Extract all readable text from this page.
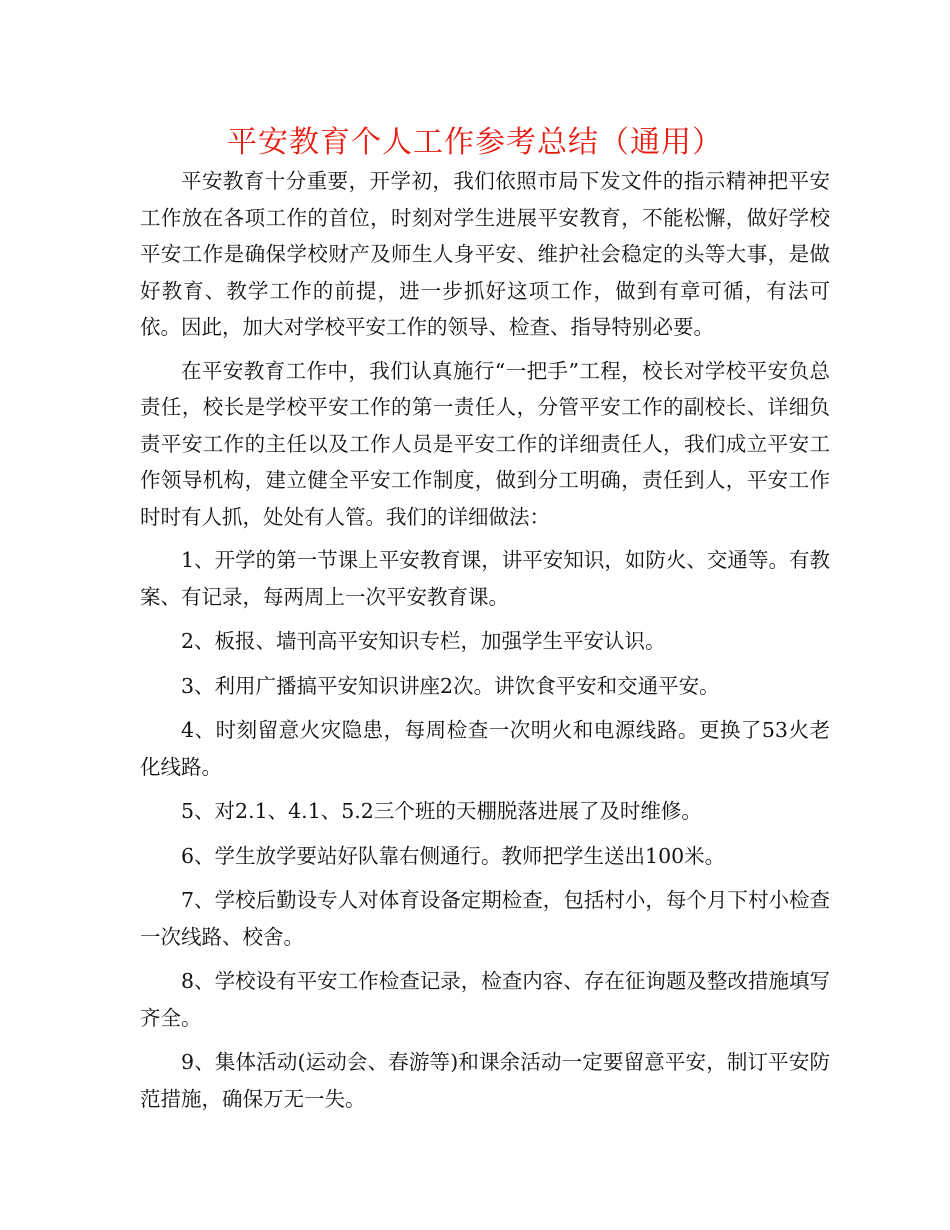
平安教育个人工作参考总结（通用）

平安教育十分重要，开学初，我们依照市局下发文件的指示精神把平安工作放在各项工作的首位，时刻对学生进展平安教育，不能松懈，做好学校平安工作是确保学校财产及师生人身平安、维护社会稳定的头等大事，是做好教育、教学工作的前提，进一步抓好这项工作，做到有章可循，有法可依。因此，加大对学校平安工作的领导、检查、指导特别必要。

在平安教育工作中，我们认真施行“一把手”工程，校长对学校平安负总责任，校长是学校平安工作的第一责任人，分管平安工作的副校长、详细负责平安工作的主任以及工作人员是平安工作的详细责任人，我们成立平安工作领导机构，建立健全平安工作制度，做到分工明确，责任到人，平安工作时时有人抓，处处有人管。我们的详细做法：

1、开学的第一节课上平安教育课，讲平安知识，如防火、交通等。有教案、有记录，每两周上一次平安教育课。

2、板报、墙刊高平安知识专栏，加强学生平安认识。

3、利用广播搞平安知识讲座2次。讲饮食平安和交通平安。

4、时刻留意火灾隐患，每周检查一次明火和电源线路。更换了53火老化线路。

5、对2.1、4.1、5.2三个班的天棚脱落进展了及时维修。

6、学生放学要站好队靠右侧通行。教师把学生送出100米。

7、学校后勤设专人对体育设备定期检查，包括村小，每个月下村小检查一次线路、校舍。

8、学校设有平安工作检查记录，检查内容、存在征询题及整改措施填写齐全。

9、集体活动(运动会、春游等)和课余活动一定要留意平安，制订平安防范措施，确保万无一失。
